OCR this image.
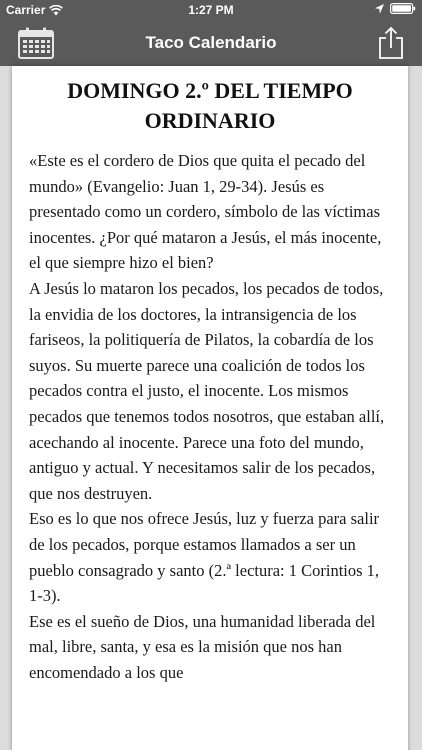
Carrier	1:27 PM
Taco Calendario
DOMINGO 2.º DEL TIEMPO ORDINARIO

«Este es el cordero de Dios que quita el pecado del mundo» (Evangelio: Juan 1, 29-34). Jesús es presentado como un cordero, símbolo de las víctimas inocentes. ¿Por qué mataron a Jesús, el más inocente, el que siempre hizo el bien?

A Jesús lo mataron los pecados, los pecados de todos, la envidia de los doctores, la intransigencia de los fariseos, la politiquería de Pilatos, la cobardía de los suyos. Su muerte parece una coalición de todos los pecados contra el justo, el inocente. Los mismos pecados que tenemos todos nosotros, que estaban allí, acechando al inocente. Parece una foto del mundo, antiguo y actual. Y necesitamos salir de los pecados, que nos destruyen.

Eso es lo que nos ofrece Jesús, luz y fuerza para salir de los pecados, porque estamos llamados a ser un pueblo consagrado y santo (2.ª lectura: 1 Corintios 1, 1-3).

Ese es el sueño de Dios, una humanidad liberada del mal, libre, santa, y esa es la misión que nos han encomendado a los que
